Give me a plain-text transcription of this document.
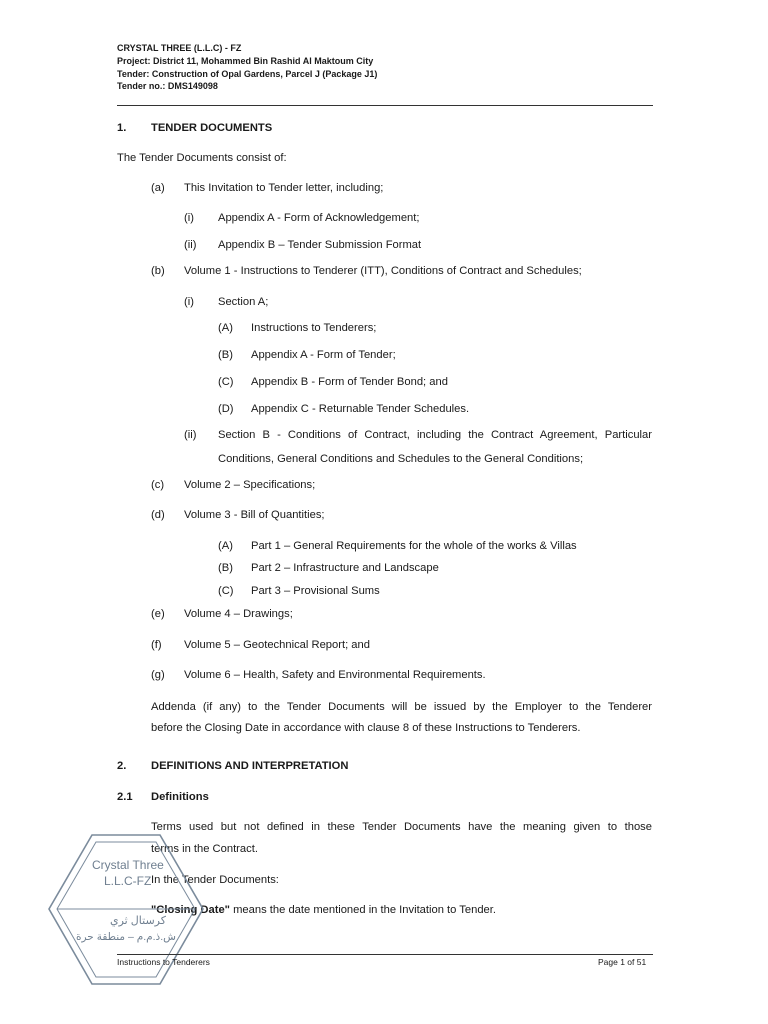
CRYSTAL THREE (L.L.C) - FZ
Project: District 11, Mohammed Bin Rashid Al Maktoum City
Tender: Construction of Opal Gardens, Parcel J (Package J1)
Tender no.: DMS149098
1. TENDER DOCUMENTS
The Tender Documents consist of:
(a) This Invitation to Tender letter, including;
(i) Appendix A - Form of Acknowledgement;
(ii) Appendix B – Tender Submission Format
(b) Volume 1 - Instructions to Tenderer (ITT), Conditions of Contract and Schedules;
(i) Section A;
(A) Instructions to Tenderers;
(B) Appendix A - Form of Tender;
(C) Appendix B - Form of Tender Bond; and
(D) Appendix C - Returnable Tender Schedules.
(ii) Section B - Conditions of Contract, including the Contract Agreement, Particular
Conditions, General Conditions and Schedules to the General Conditions;
(c) Volume 2 – Specifications;
(d) Volume 3 - Bill of Quantities;
(A) Part 1 – General Requirements for the whole of the works & Villas
(B) Part 2 – Infrastructure and Landscape
(C) Part 3 – Provisional Sums
(e) Volume 4 – Drawings;
(f) Volume 5 – Geotechnical Report; and
(g) Volume 6 – Health, Safety and Environmental Requirements.
Addenda (if any) to the Tender Documents will be issued by the Employer to the Tenderer
before the Closing Date in accordance with clause 8 of these Instructions to Tenderers.
2. DEFINITIONS AND INTERPRETATION
2.1 Definitions
Terms used but not defined in these Tender Documents have the meaning given to those
terms in the Contract.
In the Tender Documents:
"Closing Date" means the date mentioned in the Invitation to Tender.
Crystal Three
L.L.C-FZ
كرستال ثري
ش.ذ.م.م – منطقة حرة
Instructions to Tenderers	Page 1 of 51
